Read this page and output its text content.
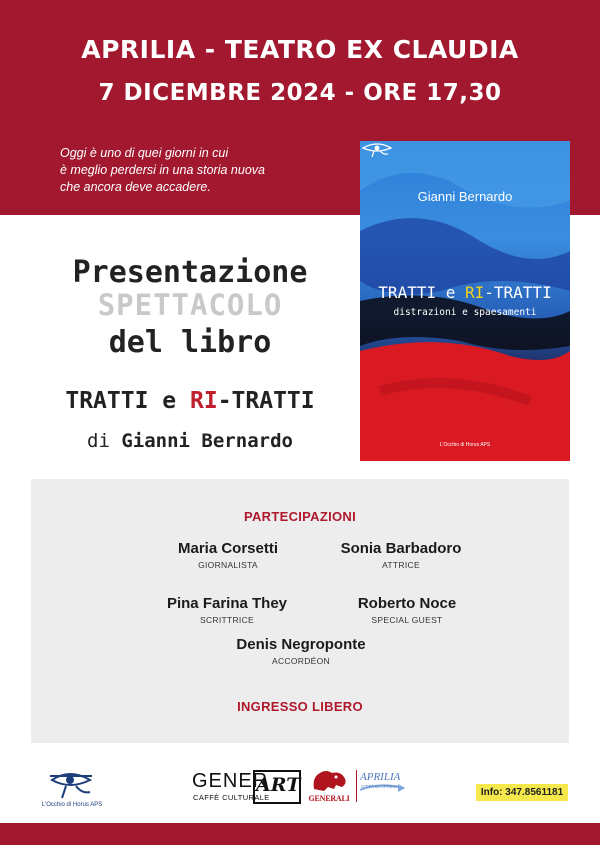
APRILIA - TEATRO EX CLAUDIA
7 DICEMBRE 2024 - ORE 17,30
Oggi è uno di quei giorni in cui
è meglio perdersi in una storia nuova
che ancora deve accadere.
Gianni Bernardo
TRATTI e RI-TRATTI
distrazioni e spaesamenti
L'Occhio di Horus APS
Presentazione
SPETTACOLO
del libro
TRATTI e RI-TRATTI
di Gianni Bernardo
PARTECIPAZIONI
Maria Corsetti
GIORNALISTA
Sonia Barbadoro
ATTRICE
Pina Farina They
SCRITTRICE
Roberto Noce
SPECIAL GUEST
Denis Negroponte
ACCORDÉON
INGRESSO LIBERO
L'Occhio di Horus APS
GENER
CAFFÈ CULTURALE
ART
GENERALI
APRILIA
CITTÀ DI APRILIA
Info: 347.8561181
